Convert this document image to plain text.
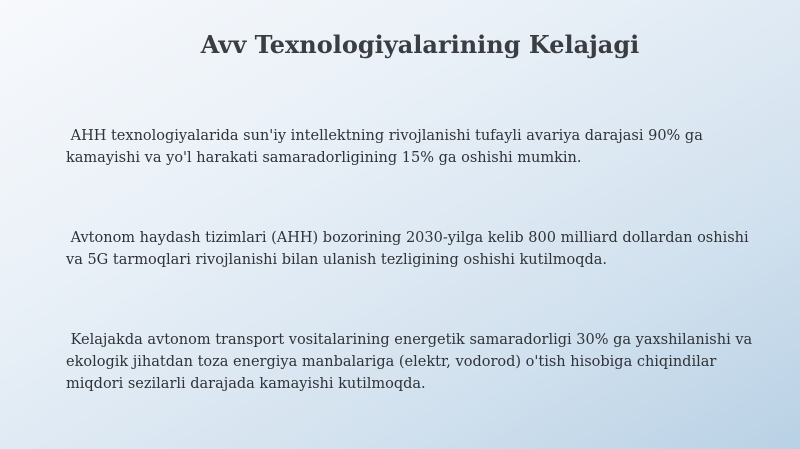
Avv Texnologiyalarining Kelajagi

AHH texnologiyalarida sun'iy intellektning rivojlanishi tufayli avariya darajasi 90% ga kamayishi va yo'l harakati samaradorligining 15% ga oshishi mumkin.

Avtonom haydash tizimlari (AHH) bozorining 2030-yilga kelib 800 milliard dollardan oshishi va 5G tarmoqlari rivojlanishi bilan ulanish tezligining oshishi kutilmoqda.

Kelajakda avtonom transport vositalarining energetik samaradorligi 30% ga yaxshilanishi va ekologik jihatdan toza energiya manbalariga (elektr, vodorod) o'tish hisobiga chiqindilar miqdori sezilarli darajada kamayishi kutilmoqda.
